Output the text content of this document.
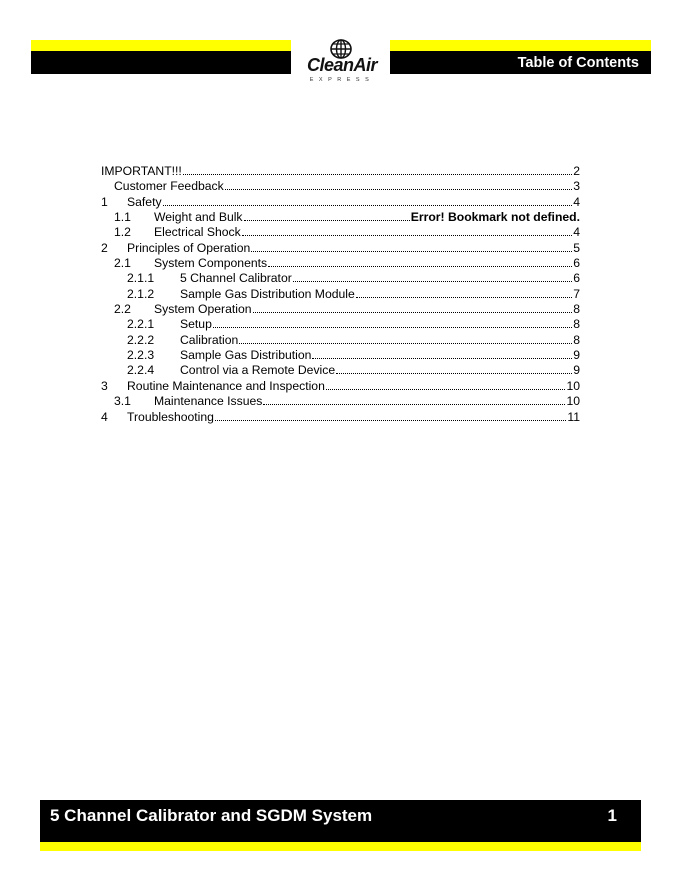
Table of Contents
CleanAir
EXPRESS
IMPORTANT!!!	2
Customer Feedback	3
1	Safety	4
1.1	Weight and Bulk	Error! Bookmark not defined.
1.2	Electrical Shock	4
2	Principles of Operation	5
2.1	System Components	6
2.1.1	5 Channel Calibrator	6
2.1.2	Sample Gas Distribution Module	7
2.2	System Operation	8
2.2.1	Setup	8
2.2.2	Calibration	8
2.2.3	Sample Gas Distribution	9
2.2.4	Control via a Remote Device	9
3	Routine Maintenance and Inspection	10
3.1	Maintenance Issues	10
4	Troubleshooting	11
5 Channel Calibrator and SGDM System	1
